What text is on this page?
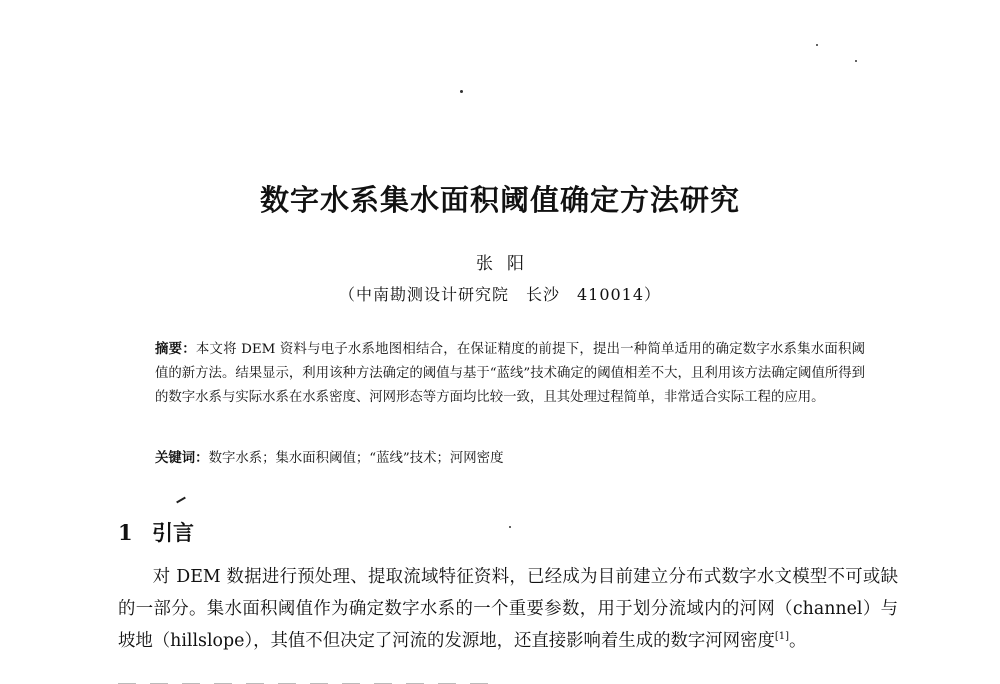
数字水系集水面积阈值确定方法研究
张阳
（中南勘测设计研究院　长沙　410014）
摘要：本文将 DEM 资料与电子水系地图相结合，在保证精度的前提下，提出一种简单适用的确定数字水系集水面积阈值的新方法。结果显示，利用该种方法确定的阈值与基于“蓝线”技术确定的阈值相差不大，且利用该方法确定阈值所得到的数字水系与实际水系在水系密度、河网形态等方面均比较一致，且其处理过程简单，非常适合实际工程的应用。
关键词：数字水系；集水面积阈值；“蓝线”技术；河网密度
1 引言
对 DEM 数据进行预处理、提取流域特征资料，已经成为目前建立分布式数字水文模型不可或缺的一部分。集水面积阈值作为确定数字水系的一个重要参数，用于划分流域内的河网（channel）与坡地（hillslope），其值不但决定了河流的发源地，还直接影响着生成的数字河网密度[1]。
